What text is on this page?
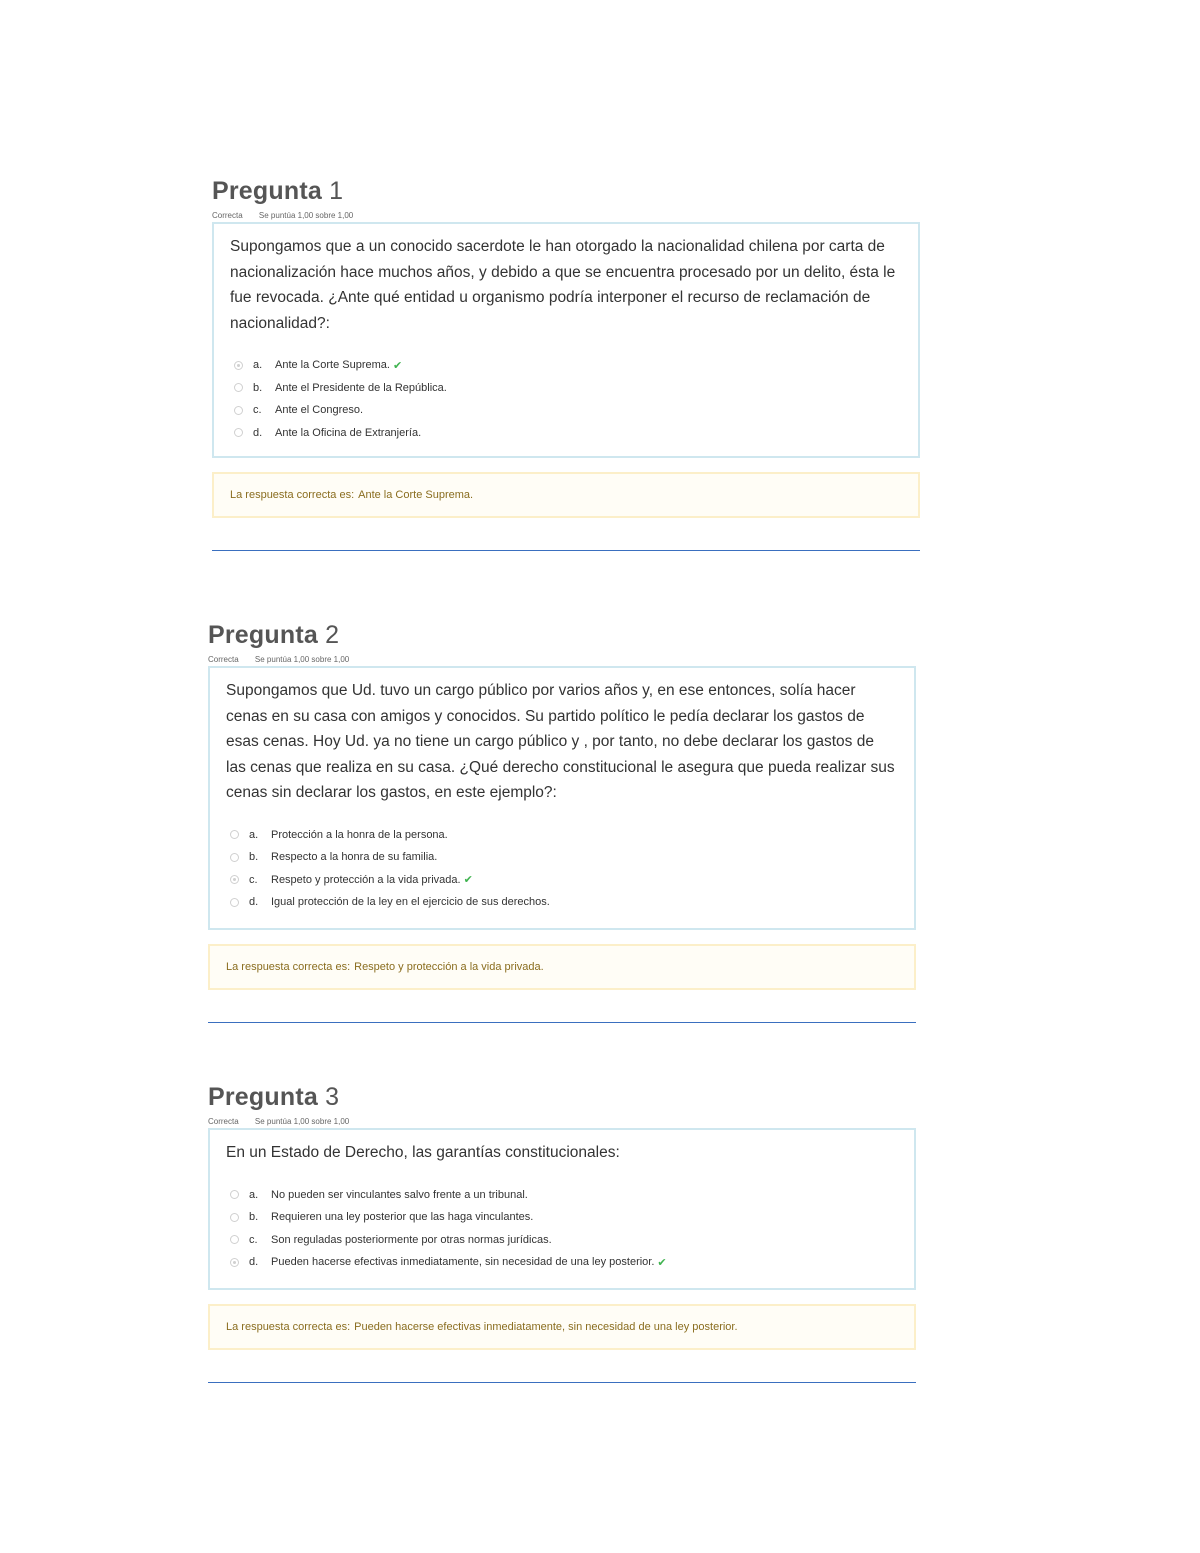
Pregunta 1
Correcta Se puntúa 1,00 sobre 1,00

Supongamos que a un conocido sacerdote le han otorgado la nacionalidad chilena por carta de nacionalización hace muchos años, y debido a que se encuentra procesado por un delito, ésta le fue revocada. ¿Ante qué entidad u organismo podría interponer el recurso de reclamación de nacionalidad?:

a.	Ante la Corte Suprema. ✔
b.	Ante el Presidente de la República.
c.	Ante el Congreso.
d.	Ante la Oficina de Extranjería.
La respuesta correcta es: Ante la Corte Suprema.
Pregunta 2
Correcta Se puntúa 1,00 sobre 1,00

Supongamos que Ud. tuvo un cargo público por varios años y, en ese entonces, solía hacer cenas en su casa con amigos y conocidos. Su partido político le pedía declarar los gastos de esas cenas. Hoy Ud. ya no tiene un cargo público y , por tanto, no debe declarar los gastos de las cenas que realiza en su casa. ¿Qué derecho constitucional le asegura que pueda realizar sus cenas sin declarar los gastos, en este ejemplo?:

a.	Protección a la honra de la persona.
b.	Respecto a la honra de su familia.
c.	Respeto y protección a la vida privada. ✔
d.	Igual protección de la ley en el ejercicio de sus derechos.
La respuesta correcta es: Respeto y protección a la vida privada.
Pregunta 3
Correcta Se puntúa 1,00 sobre 1,00

En un Estado de Derecho, las garantías constitucionales:

a.	No pueden ser vinculantes salvo frente a un tribunal.
b.	Requieren una ley posterior que las haga vinculantes.
c.	Son reguladas posteriormente por otras normas jurídicas.
d.	Pueden hacerse efectivas inmediatamente, sin necesidad de una ley posterior. ✔
La respuesta correcta es: Pueden hacerse efectivas inmediatamente, sin necesidad de una ley posterior.
